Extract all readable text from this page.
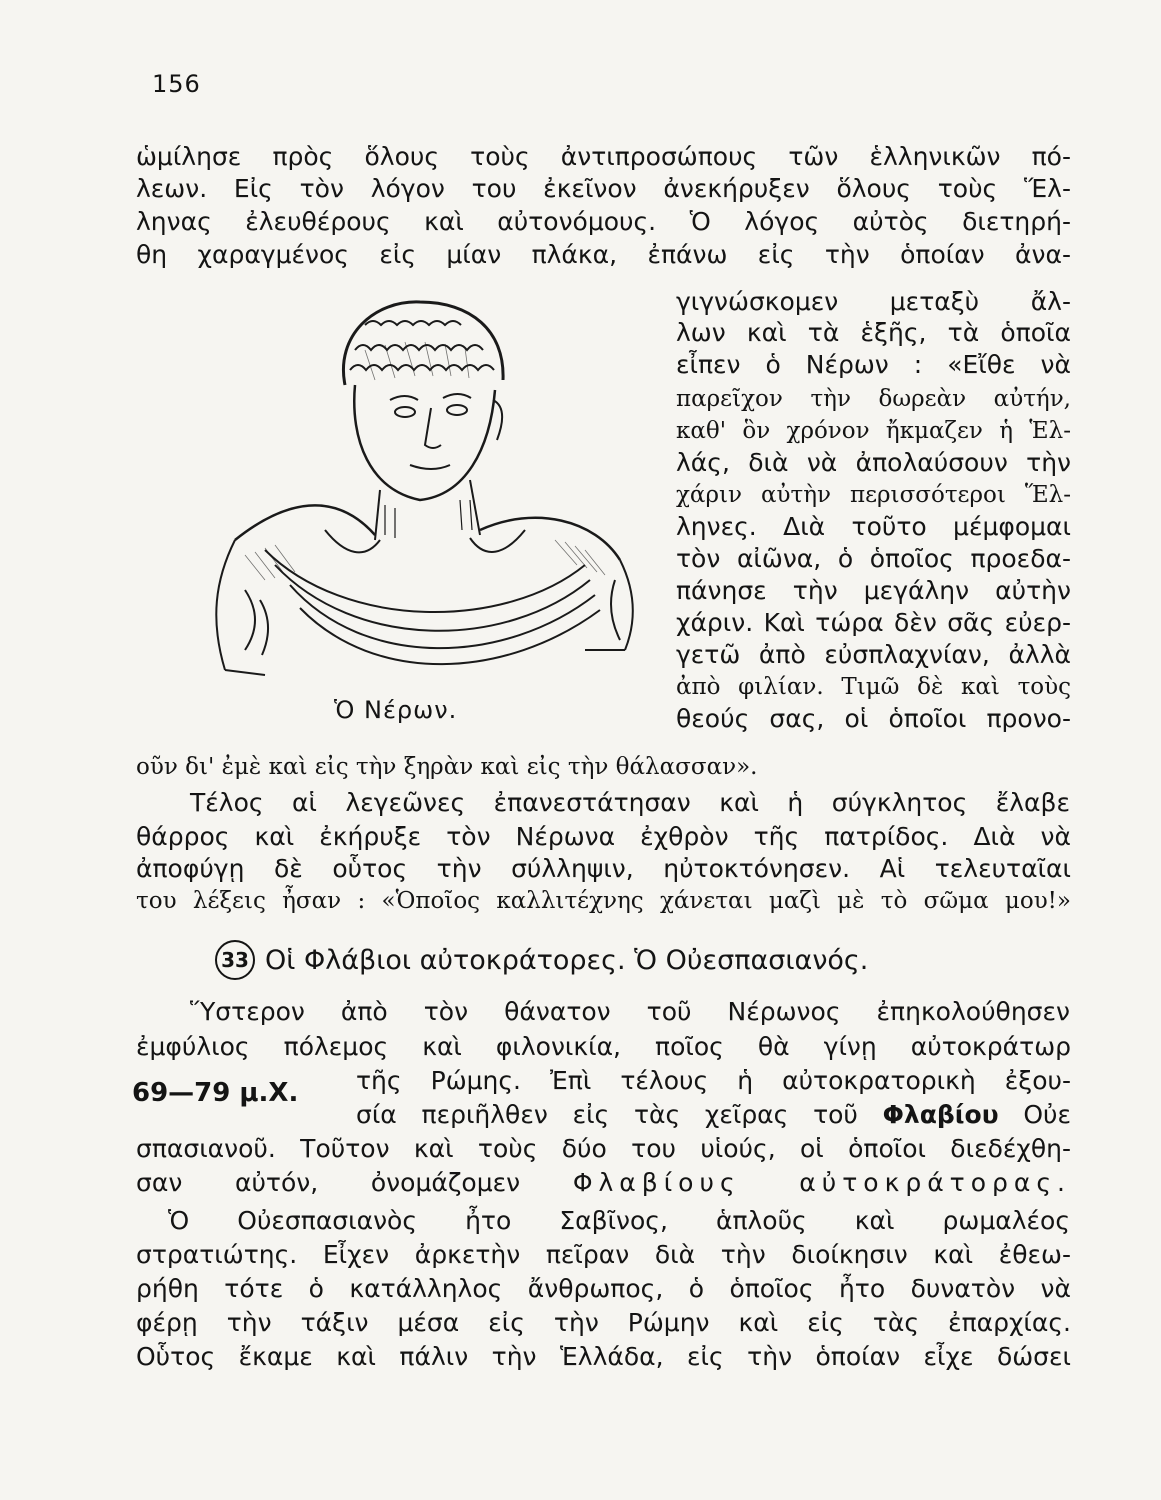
156
ὡμίλησε πρὸς ὅλους τοὺς ἀντιπροσώπους τῶν ἑλληνικῶν πό-
λεων. Εἰς τὸν λόγον του ἐκεῖνον ἀνεκήρυξεν ὅλους τοὺς Ἕλ-
ληνας ἐλευθέρους καὶ αὐτονόμους. Ὁ λόγος αὐτὸς διετηρή-
θη χαραγμένος εἰς μίαν πλάκα, ἐπάνω εἰς τὴν ὁποίαν ἀνα-
γιγνώσκομεν μεταξὺ ἄλ-
λων καὶ τὰ ἑξῆς, τὰ ὁποῖα
εἶπεν ὁ Νέρων : «Εἴθε νὰ
παρεῖχον τὴν δωρεὰν αὐτήν,
καθ' ὃν χρόνον ἤκμαζεν ἡ Ἑλ-
λάς, διὰ νὰ ἀπολαύσουν τὴν
χάριν αὐτὴν περισσότεροι Ἕλ-
ληνες. Διὰ τοῦτο μέμφομαι
τὸν αἰῶνα, ὁ ὁποῖος προεδα-
πάνησε τὴν μεγάλην αὐτὴν
χάριν. Καὶ τώρα δὲν σᾶς εὐερ-
γετῶ ἀπὸ εὐσπλαχνίαν, ἀλλὰ
ἀπὸ φιλίαν. Τιμῶ δὲ καὶ τοὺς
θεούς σας, οἱ ὁποῖοι προνο-
Ὁ Νέρων.
οῦν δι' ἐμὲ καὶ εἰς τὴν ξηρὰν καὶ εἰς τὴν θάλασσαν».
Τέλος αἱ λεγεῶνες ἐπανεστάτησαν καὶ ἡ σύγκλητος ἔλαβε
θάρρος καὶ ἐκήρυξε τὸν Νέρωνα ἐχθρὸν τῆς πατρίδος. Διὰ νὰ
ἀποφύγῃ δὲ οὗτος τὴν σύλληψιν, ηὐτοκτόνησεν. Αἱ τελευταῖαι
του λέξεις ἦσαν : «Ὁποῖος καλλιτέχνης χάνεται μαζὶ μὲ τὸ σῶμα μου!»
33 Οἱ Φλάβιοι αὐτοκράτορες. Ὁ Οὐεσπασιανός.
Ὕστερον ἀπὸ τὸν θάνατον τοῦ Νέρωνος ἐπηκολούθησεν
ἐμφύλιος πόλεμος καὶ φιλονικία, ποῖος θὰ γίνῃ αὐτοκράτωρ
69—79 μ.Χ. τῆς Ρώμης. Ἐπὶ τέλους ἡ αὐτοκρατορικὴ ἐξου-
σία περιῆλθεν εἰς τὰς χεῖρας τοῦ Φλαβίου Οὐε
σπασιανοῦ. Τοῦτον καὶ τοὺς δύο του υἱούς, οἱ ὁποῖοι διεδέχθη-
σαν αὐτόν, ὀνομάζομεν Φλαβίους αὐτοκράτορας.
Ὁ Οὐεσπασιανὸς ἦτο Σαβῖνος, ἁπλοῦς καὶ ρωμαλέος
στρατιώτης. Εἶχεν ἀρκετὴν πεῖραν διὰ τὴν διοίκησιν καὶ ἐθεω-
ρήθη τότε ὁ κατάλληλος ἄνθρωπος, ὁ ὁποῖος ἦτο δυνατὸν νὰ
φέρῃ τὴν τάξιν μέσα εἰς τὴν Ρώμην καὶ εἰς τὰς ἐπαρχίας.
Οὗτος ἔκαμε καὶ πάλιν τὴν Ἑλλάδα, εἰς τὴν ὁποίαν εἶχε δώσει
